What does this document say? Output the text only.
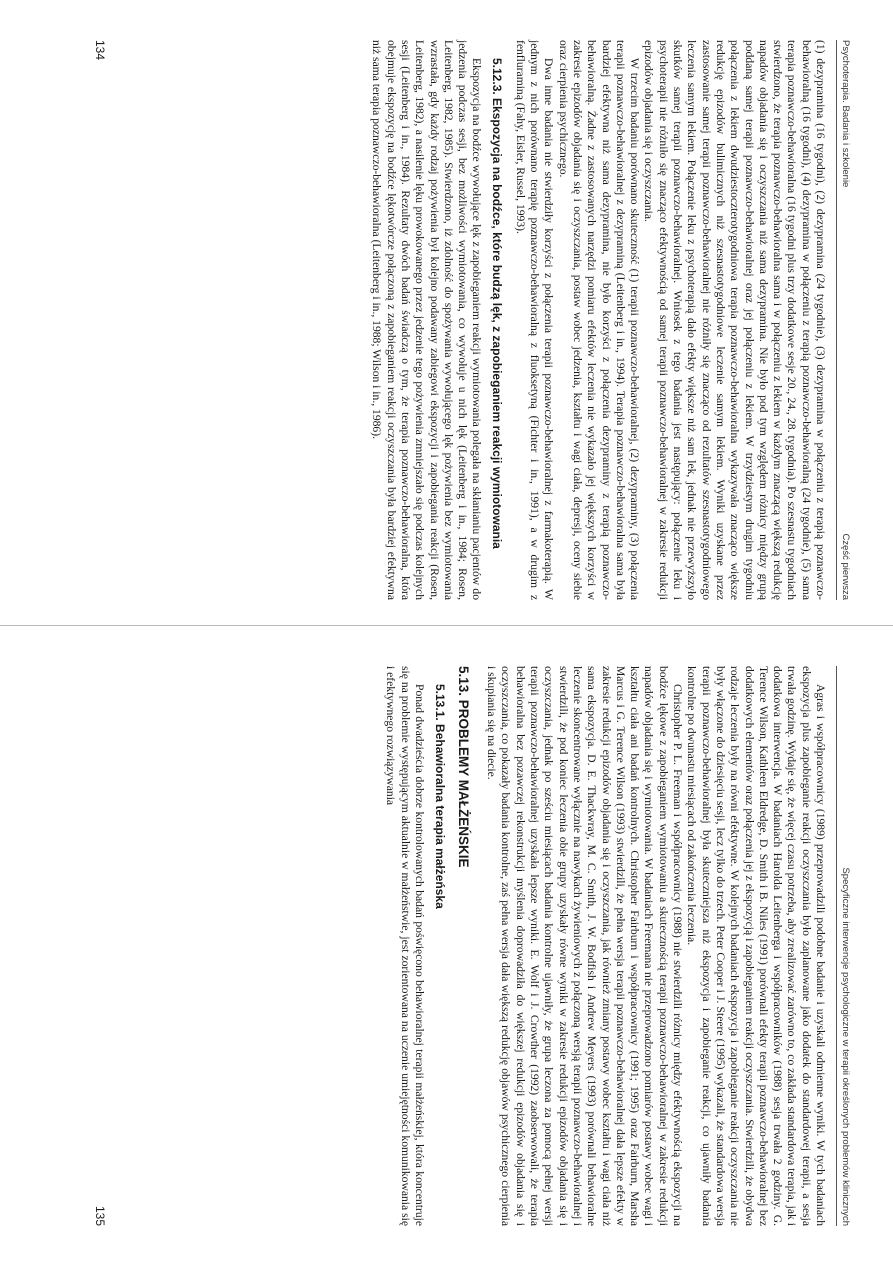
Psychoterapia. Badania i szkolenie
Część pierwsza

(1) dezypramina (16 tygodni), (2) dezypramina (24 tygodnie), (3) dezypramina w połączeniu z terapią poznawczo-behawioralną (16 tygodni), (4) dezypramina w połączeniu z terapią poznawczo-behawioralną (24 tygodnie), (5) sama terapia poznawczo-behawioralna (16 tygodni plus trzy dodatkowe sesje 20., 24., 28. tygodnia). Po szesnastu tygodniach stwierdzono, że terapia poznawczo-behawioralna sama i w połączeniu z lekiem w każdym znaczącą większą redukcję napadów objadania się i oczyszczania niż sama dezypramina. Nie było pod tym względem różnicy między grupą poddaną samej terapii poznawczo-behawioralnej oraz jej połączeniu z lekiem. W trzydziestym drugim tygodniu połączenia z lekiem dwudziestoczterotygodniowa terapia poznawczo-behawioralna wykazywała znacząco większe redukcję epizodów bulimicznych niż szesnastotygodniowe leczenie samym lekiem. Wyniki uzyskane przez zastosowanie samej terapii poznawczo-behawioralnej nie różniły się znacząco od rezultatów szesnastotygodniowego leczenia samym lekiem. Połączenie leku z psychoterapią dało efekty większe niż sam lek, jednak nie przewyższyło skutków samej terapii poznawczo-behawioralnej. Wniosek z tego badania jest następujący: połączenie leku i psychoterapii nie różniło się znacząco efektywnością od samej terapii poznawczo-behawioralnej w zakresie redukcji epizodów objadania się i oczyszczania.

W trzecim badaniu porównano skuteczność (1) terapii poznawczo-behawioralnej, (2) dezypraminy, (3) połączenia terapii poznawczo-behawioralnej z dezypraminą (Leitenberg i in., 1994). Terapia poznawczo-behawioralna sama była bardziej efektywna niż sama dezypramina, nie było korzyści z połączenia dezypraminy z terapią poznawczo-behawioralną. Żadne z zastosowanych narzędzi pomiaru efektów leczenia nie wykazało jej większych korzyści w zakresie epizodów objadania się i oczyszczania, postaw wobec jedzenia, kształtu i wagi ciała, depresji, oceny siebie oraz cierpienia psychicznego.

Dwa inne badania nie stwierdziły korzyści z połączenia terapii poznawczo-behawioralnej z farmakoterapią. W jednym z nich porównano terapię poznawczo-behawioralną z fluoksetyną (Fichter i in., 1991), a w drugim z fenfluraminą (Fahy, Eisler, Russel, 1993).

5.12.3. Ekspozycja na bodźce, które budzą lęk, z zapobieganiem reakcji wymiotowania

Ekspozycja na bodźce wywołujące lęk z zapobieganiem reakcji wymiotowania polegała na skłanianiu pacjentów do jedzenia podczas sesji, bez możliwości wymiotowania, co wywołuje u nich lęk (Leitenberg i in., 1984; Rosen, Leitenberg, 1982, 1985). Stwierdzono, iż zdolność do spożywania wywołującego lęk pożywienia bez wymiotowania wzrastała, gdy każdy rodzaj pożywienia był kolejno podawany zabiegowi ekspozycji i zapobiegania reakcji (Rosen, Leitenberg, 1982), a nasilenie lęku prowokowanego przez jedzenie tego pożywienia zmniejszało się podczas kolejnych sesji (Leitenberg i in., 1984). Rezultaty dwóch badań świadczą o tym, że terapia poznawczo-behawioralna, która obejmuje ekspozycję na bodźce lękotwórcze połączoną z zapobieganiem reakcji oczyszczania była bardziej efektywna niż sama terapia poznawczo-behawioralna (Leitenberg i in., 1988; Wilson i in., 1986).

134
Specyficzne interwencje psychologiczne w terapii określonych problemów klinicznych

Agras i współpracownicy (1989) przeprowadzili podobne badanie i uzyskali odmienne wyniki. W tych badaniach ekspozycja plus zapobieganie reakcji oczyszczania było zaplanowane jako dodatek do standardowej terapii, a sesja trwała godzinę. Wydaje się, że więcej czasu potrzeba, aby zrealizować zarówno to, co zakłada standardowa terapia, jak i dodatkowa interwencja. W badaniach Harolda Leitenberga i współpracowników (1988) sesja trwała 2 godziny. G. Terence Wilson, Kathleen Eldredge, D. Smith i B. Niles (1991) porównali efekty terapii poznawczo-behawioralnej bez dodatkowych elementów oraz połączenia jej z ekspozycją i zapobieganiem reakcji oczyszczania. Stwierdzili, że obydwa rodzaje leczenia były na równi efektywne. W kolejnych badaniach ekspozycja i zapobieganie reakcji oczyszczania nie były włączone do dziesięciu sesji, lecz tylko do trzech. Peter Cooper i J. Steere (1995) wykazali, że standardowa wersja terapii poznawczo-behawioralnej była skuteczniejsza niż ekspozycja i zapobieganie reakcji, co ujawniły badania kontrolne po dwunastu miesiącach od zakończenia leczenia.

Christopher P. L. Freeman i współpracownicy (1988) nie stwierdzili różnicy między efektywnością ekspozycji na bodźce lękowe z zapobieganiem wymiotowaniu a skutecznością terapii poznawczo-behawioralnej w zakresie redukcji napadów objadania się i wymiotowania. W badaniach Freemana nie przeprowadzono pomiarów postawy wobec wagi i kształtu ciała ani badań kontrolnych. Christopher Fairburn i współpracownicy (1991; 1995) oraz Fairburn, Marsha Marcus i G. Terence Wilson (1993) stwierdzili, że pełna wersja terapii poznawczo-behawioralnej dała lepsze efekty w zakresie redukcji epizodów objadania się i oczyszczania, jak również zmiany postawy wobec kształtu i wagi ciała niż sama ekspozycja. D. E. Thackwray, M. C. Smith, J. W. Bodfish i Andrew Meyers (1993) porównali behawioralne leczenie skoncentrowane wyłącznie na nawykach żywieniowych z połączoną wersją terapii poznawczo-behawioralnej i stwierdzili, że pod koniec leczenia obie grupy uzyskały równe wyniki w zakresie redukcji epizodów objadania się i oczyszczania, jednak po sześciu miesiącach badania kontrolne ujawniły, że grupa leczona za pomocą pełnej wersji terapii poznawczo-behawioralnej uzyskała lepsze wyniki. E. Wolf i J. Crowther (1992) zaobserwowali, że terapia behawioralna bez pozawczej rekonstrukcji myślenia doprowadziła do większej redukcji epizodów objadania się i oczyszczania, co pokazały badania kontrolne, zaś pełna wersja dała większą redukcję objawów psychicznego cierpienia i skupiania się na diecie.

5.13. PROBLEMY MAŁŻEŃSKIE
5.13.1. Behawioralna terapia małżeńska

Ponad dwadzieścia dobrze kontrolowanych badań poświęcono behawioralnej terapii małżeńskiej, która koncentruje się na problemie występującym aktualnie w małżeństwie, jest zorientowana na uczenie umiejętności komunikowania się i efektywnego rozwiązywania

135
